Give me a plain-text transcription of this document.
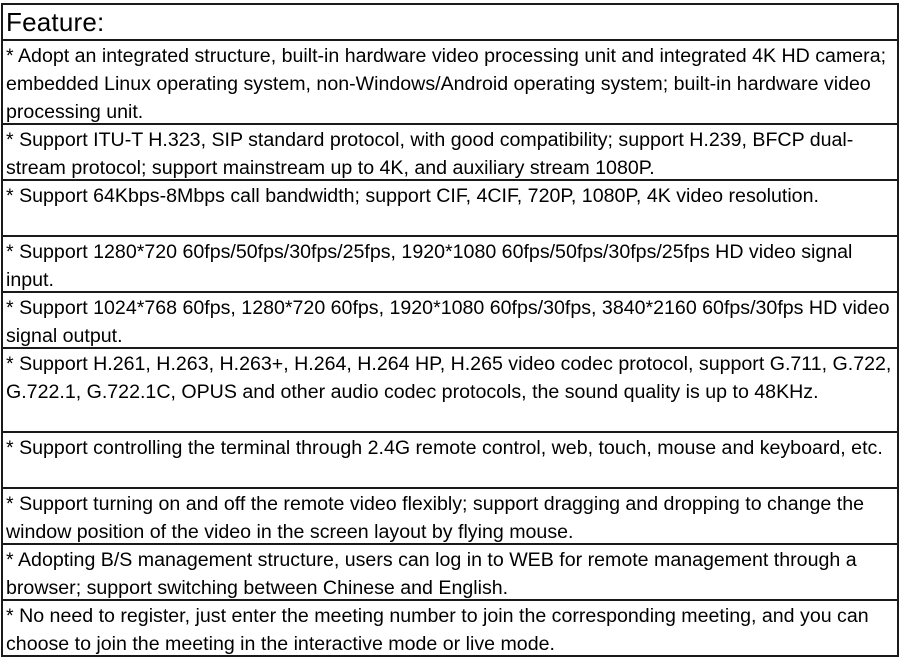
Feature:
* Adopt an integrated structure, built-in hardware video processing unit and integrated 4K HD camera; embedded Linux operating system, non-Windows/Android operating system; built-in hardware video processing unit.
* Support ITU-T H.323, SIP standard protocol, with good compatibility; support H.239, BFCP dual-stream protocol; support mainstream up to 4K, and auxiliary stream 1080P.
* Support 64Kbps-8Mbps call bandwidth; support CIF, 4CIF, 720P, 1080P, 4K video resolution.
* Support 1280*720 60fps/50fps/30fps/25fps, 1920*1080 60fps/50fps/30fps/25fps HD video signal input.
* Support 1024*768 60fps, 1280*720 60fps, 1920*1080 60fps/30fps, 3840*2160 60fps/30fps HD video signal output.
* Support H.261, H.263, H.263+, H.264, H.264 HP, H.265 video codec protocol, support G.711, G.722, G.722.1, G.722.1C, OPUS and other audio codec protocols, the sound quality is up to 48KHz.
* Support controlling the terminal through 2.4G remote control, web, touch, mouse and keyboard, etc.
* Support turning on and off the remote video flexibly; support dragging and dropping to change the window position of the video in the screen layout by flying mouse.
* Adopting B/S management structure, users can log in to WEB for remote management through a browser; support switching between Chinese and English.
* No need to register, just enter the meeting number to join the corresponding meeting, and you can choose to join the meeting in the interactive mode or live mode.
